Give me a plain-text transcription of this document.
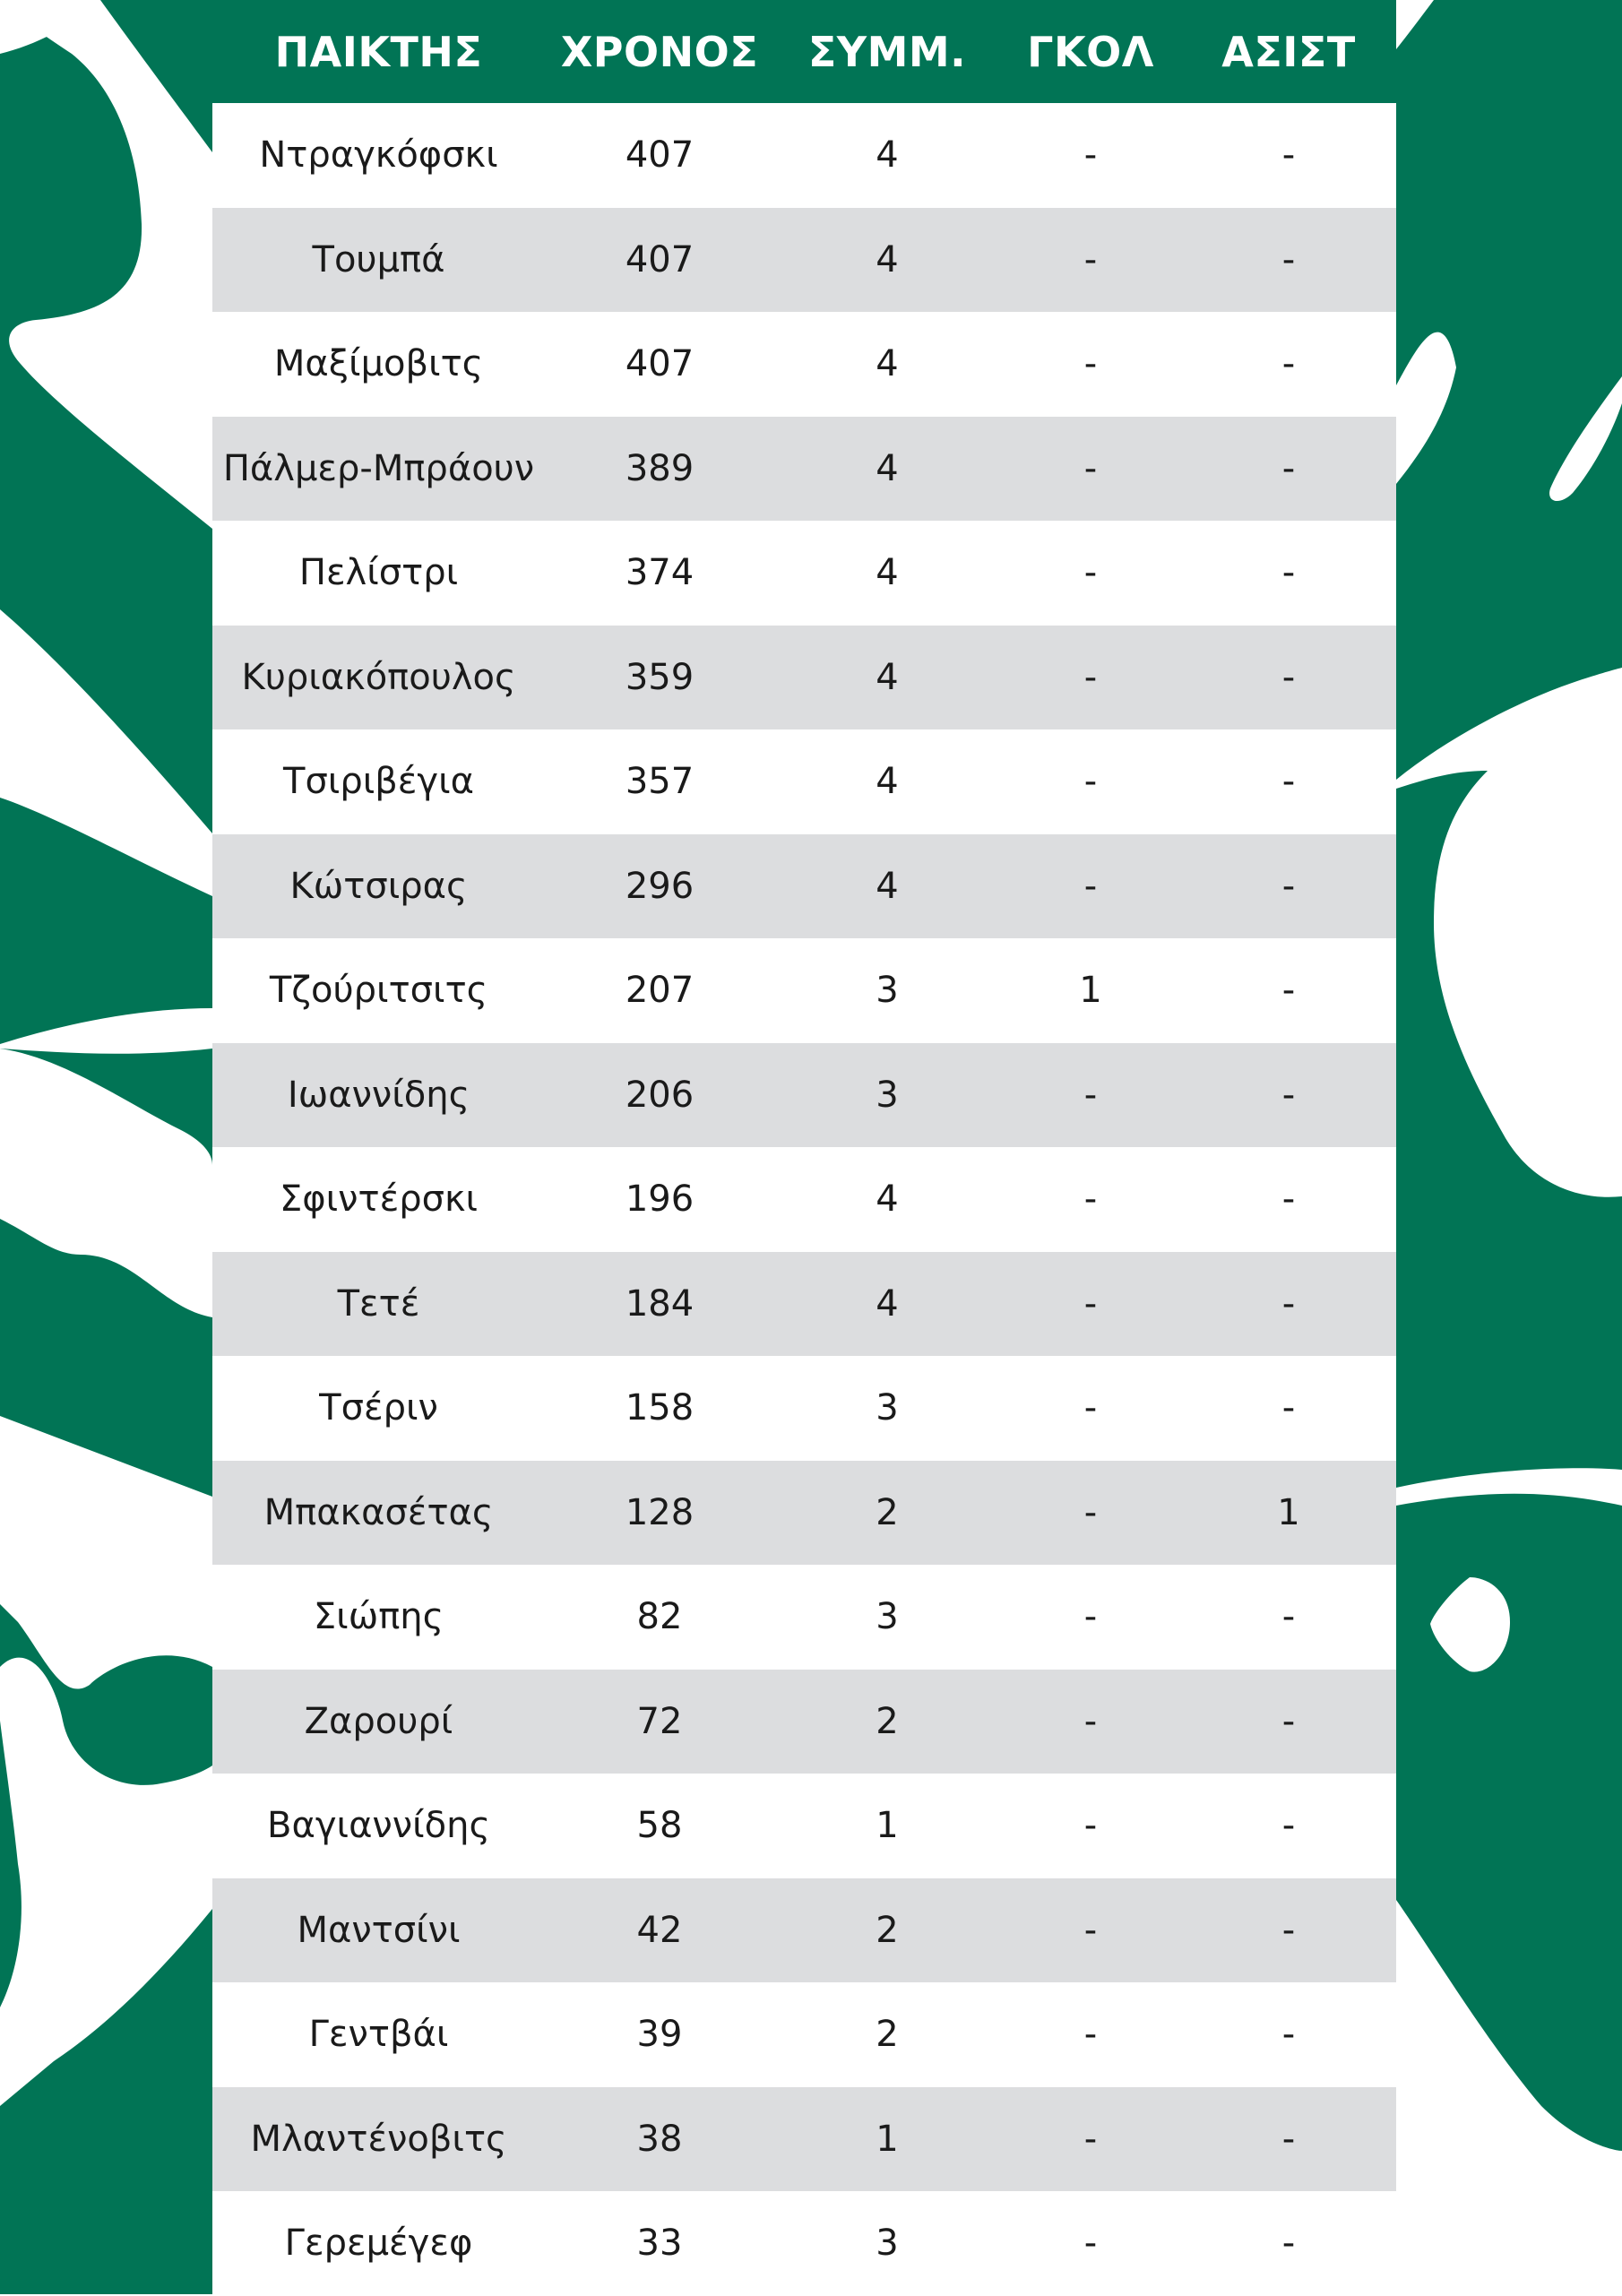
ΠΑΙΚΤΗΣ	ΧΡΟΝΟΣ	ΣΥΜΜ.	ΓΚΟΛ	ΑΣΙΣΤ
Ντραγκόφσκι	407	4	-	-
Τουμπά	407	4	-	-
Μαξίμοβιτς	407	4	-	-
Πάλμερ-Μπράουν	389	4	-	-
Πελίστρι	374	4	-	-
Κυριακόπουλος	359	4	-	-
Τσιριβέγια	357	4	-	-
Κώτσιρας	296	4	-	-
Τζούριτσιτς	207	3	1	-
Ιωαννίδης	206	3	-	-
Σφιντέρσκι	196	4	-	-
Τετέ	184	4	-	-
Τσέριν	158	3	-	-
Μπακασέτας	128	2	-	1
Σιώπης	82	3	-	-
Ζαρουρί	72	2	-	-
Βαγιαννίδης	58	1	-	-
Μαντσίνι	42	2	-	-
Γεντβάι	39	2	-	-
Μλαντένοβιτς	38	1	-	-
Γερεμέγεφ	33	3	-	-
